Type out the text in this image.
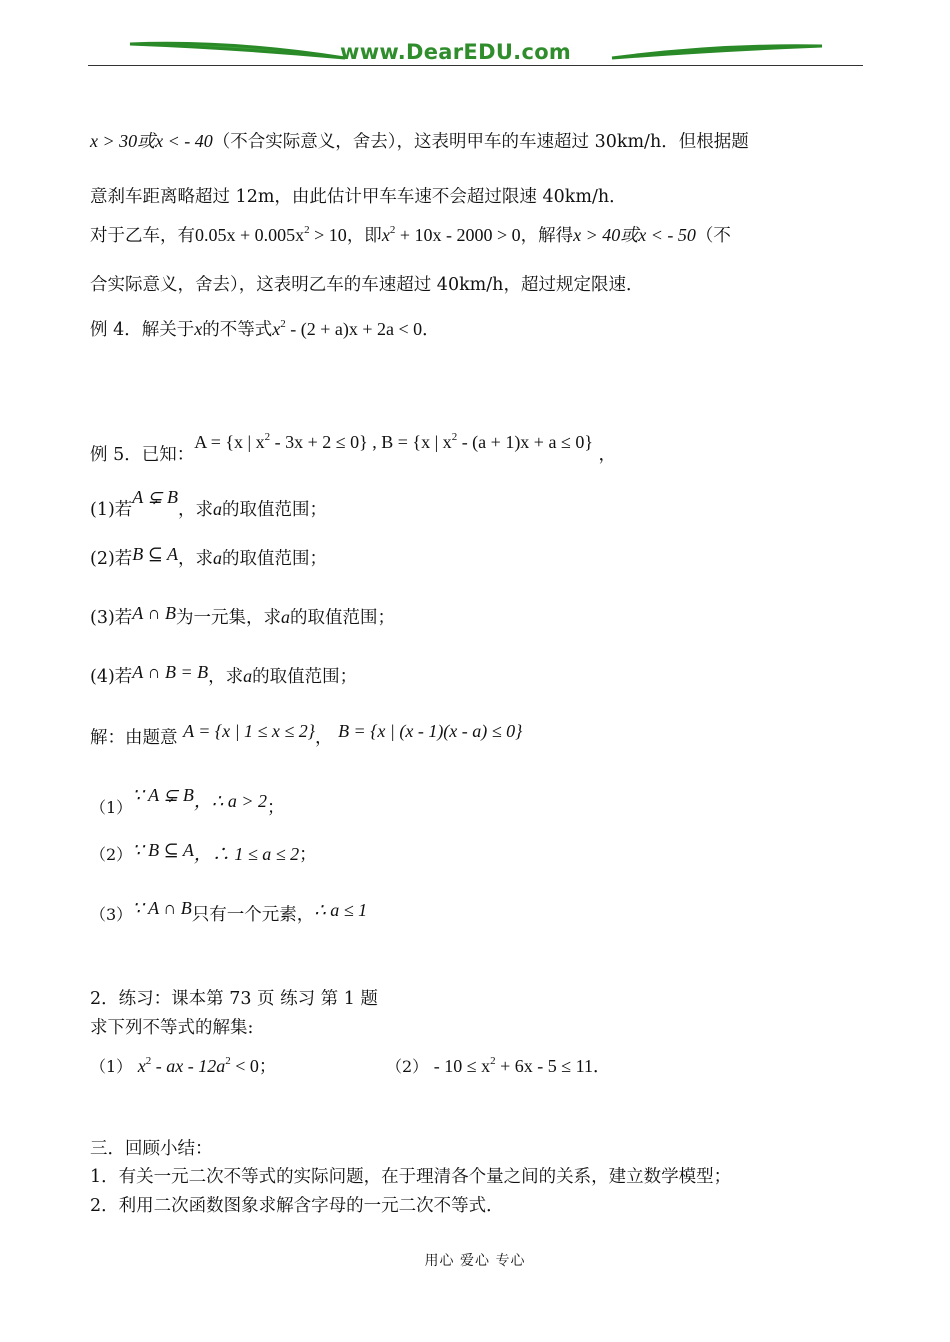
www.DearEDU.com
x > 30或x < - 40（不合实际意义，舍去），这表明甲车的车速超过 30km/h．但根据题
意刹车距离略超过 12m，由此估计甲车车速不会超过限速 40km/h．
对于乙车，有$0.05x + 0.005x^2 > 10$，即$x^2 + 10x - 2000 > 0$，解得x > 40或x < - 50（不
合实际意义，舍去），这表明乙车的车速超过 40km/h，超过规定限速．
例 4．解关于x的不等式$x^2 - (2 + a)x + 2a < 0$．
例 5．已知：A = {x | $x^2 - 3x + 2 \le 0$} , B = {x | $x^2 - (a + 1)x + a \le 0$} ，
(1)若A ⊊ B，求a的取值范围；
(2)若B ⊆ A，求a的取值范围；
(3)若A ∩ B为一元集，求a的取值范围；
(4)若A ∩ B = B，求a的取值范围；
解：由题意 A = {x | 1 ≤ x ≤ 2}， B = {x | (x - 1)(x - a) ≤ 0}
（1）∵ A ⊊ B，∴ a > 2；
（2）∵ B ⊆ A，∴ 1 ≤ a ≤ 2；
（3）∵ A ∩ B只有一个元素，∴ a ≤ 1
2．练习：课本第 73 页 练习 第 1 题
求下列不等式的解集:
（1） $x^2$ - ax - $12a^2 < 0$；	$(2) - 10 \le x^2 + 6x - 5 \le 11$．
三．回顾小结：
1．有关一元二次不等式的实际问题，在于理清各个量之间的关系，建立数学模型；
2．利用二次函数图象求解含字母的一元二次不等式．
用心 爱心 专心
